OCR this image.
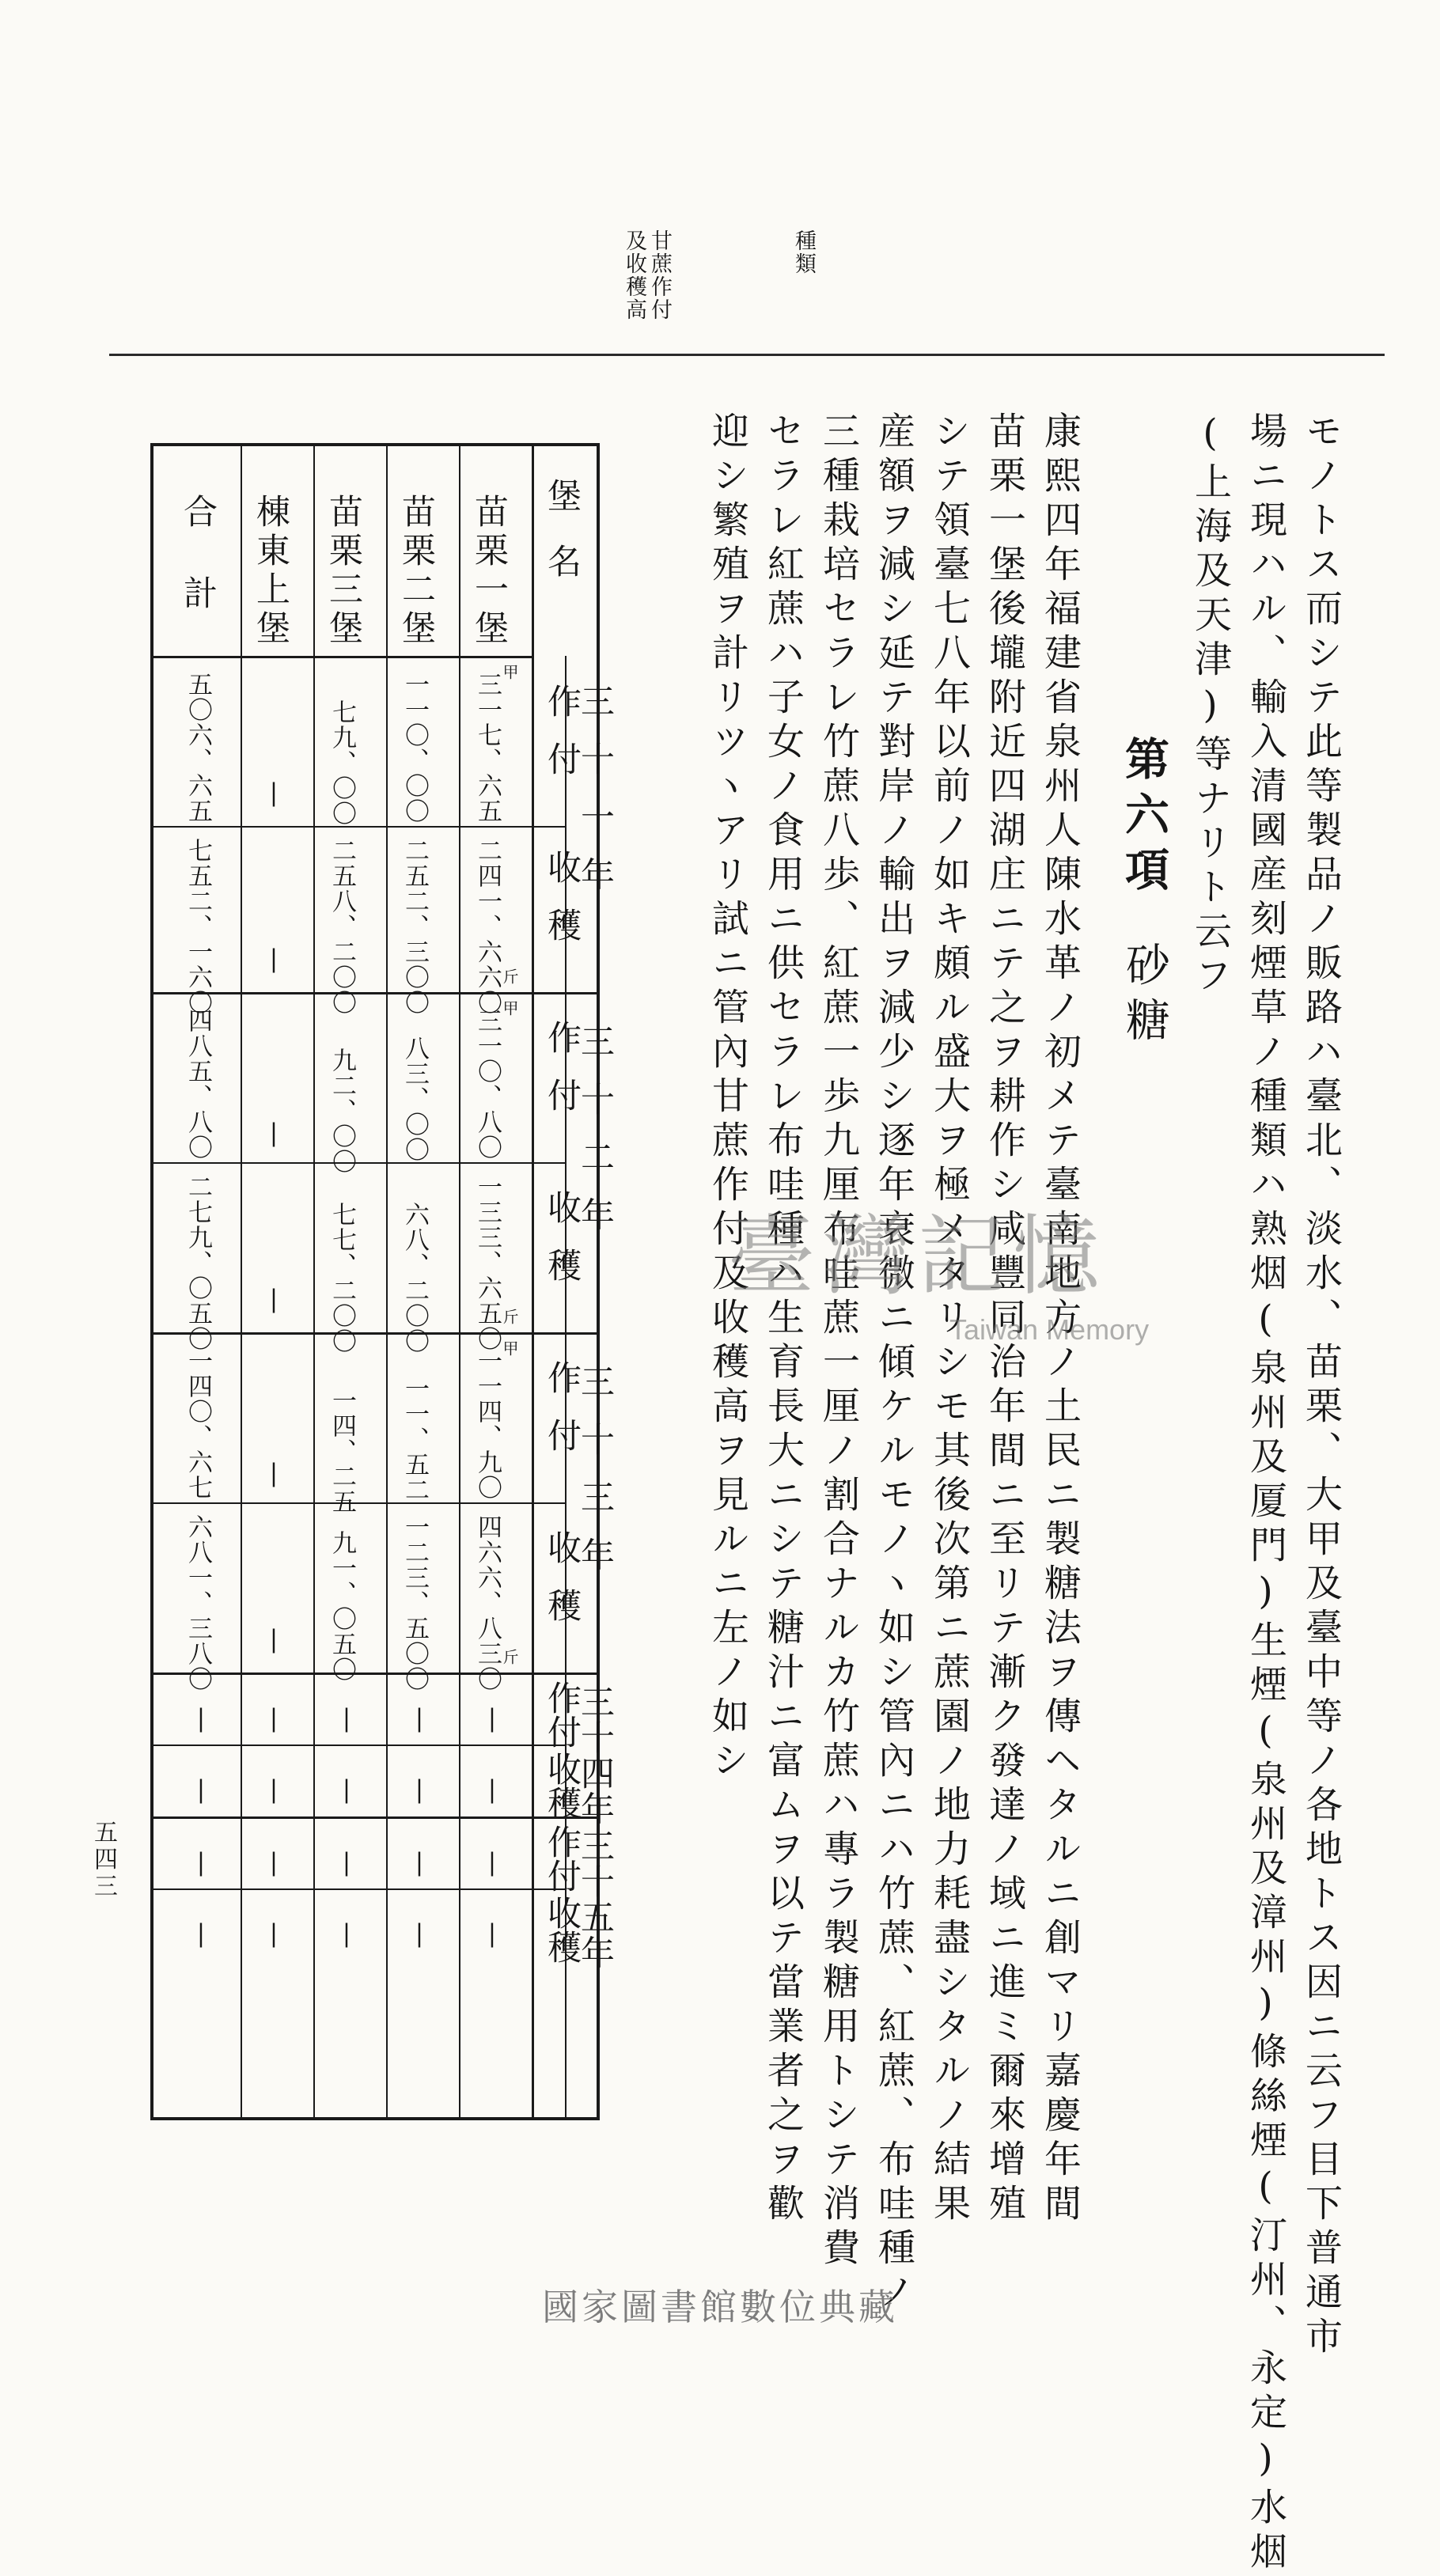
種類
甘蔗作付
及收穫高
モノトス而シテ此等製品ノ販路ハ臺北、淡水、苗栗、大甲及臺中等ノ各地トス因ニ云フ目下普通市
場ニ現ハル、輸入清國産刻煙草ノ種類ハ熟烟(泉州及厦門)生煙(泉州及漳州)條絲煙(汀州、永定)水烟
(上海及天津)等ナリト云フ
第六項
砂糖
康熙四年福建省泉州人陳水革ノ初メテ臺南地方ノ土民ニ製糖法ヲ傳ヘタルニ創マリ嘉慶年間
苗栗一堡後壠附近四湖庄ニテ之ヲ耕作シ咸豐同治年間ニ至リテ漸ク發達ノ域ニ進ミ爾來增殖
シテ領臺七八年以前ノ如キ頗ル盛大ヲ極メタリシモ其後次第ニ蔗園ノ地力耗盡シタルノ結果
産額ヲ減シ延テ對岸ノ輸出ヲ減少シ逐年衰微ニ傾ケルモノヽ如シ管內ニハ竹蔗、紅蔗、布哇種ノ
三種栽培セラレ竹蔗八歩、紅蔗一歩九厘布哇蔗一厘ノ割合ナルカ竹蔗ハ專ラ製糖用トシテ消費
セラレ紅蔗ハ子女ノ食用ニ供セラレ布哇種ハ生育長大ニシテ糖汁ニ富ムヲ以テ當業者之ヲ歡
迎シ繁殖ヲ計リツヽアリ試ニ管內甘蔗作付及收穫高ヲ見ルニ左ノ如シ
堡名
苗栗一堡
苗栗二堡
苗栗三堡
棟東上堡
合計
三十一年
三十二年
三十三年
三十四年
三十五年
作付
收穫
作付
收穫
作付
收穫
作付
收穫
作付
收穫
甲
斤
甲
斤
甲
斤
三一七、六五
二四一、六六〇
三一〇、八〇
一三三、六五〇
一一四、九〇
四六六、八三〇
|
|
|
|
一一〇、〇〇
二五二、三〇〇
八三、〇〇
六八、二〇〇
一一、五二
一二三、五〇〇
|
|
|
|
七九、〇〇
二五八、二〇〇
九二、〇〇
七七、二〇〇
一四、二五
九一、〇五〇
|
|
|
|
|
|
|
|
|
|
|
|
|
|
五〇六、六五
七五二、一六〇
四八五、八〇
二七九、〇五〇
一四〇、六七
六八一、三八〇
|
|
|
|
五四三
臺灣記憶
Taiwan Memory
國家圖書館數位典藏
